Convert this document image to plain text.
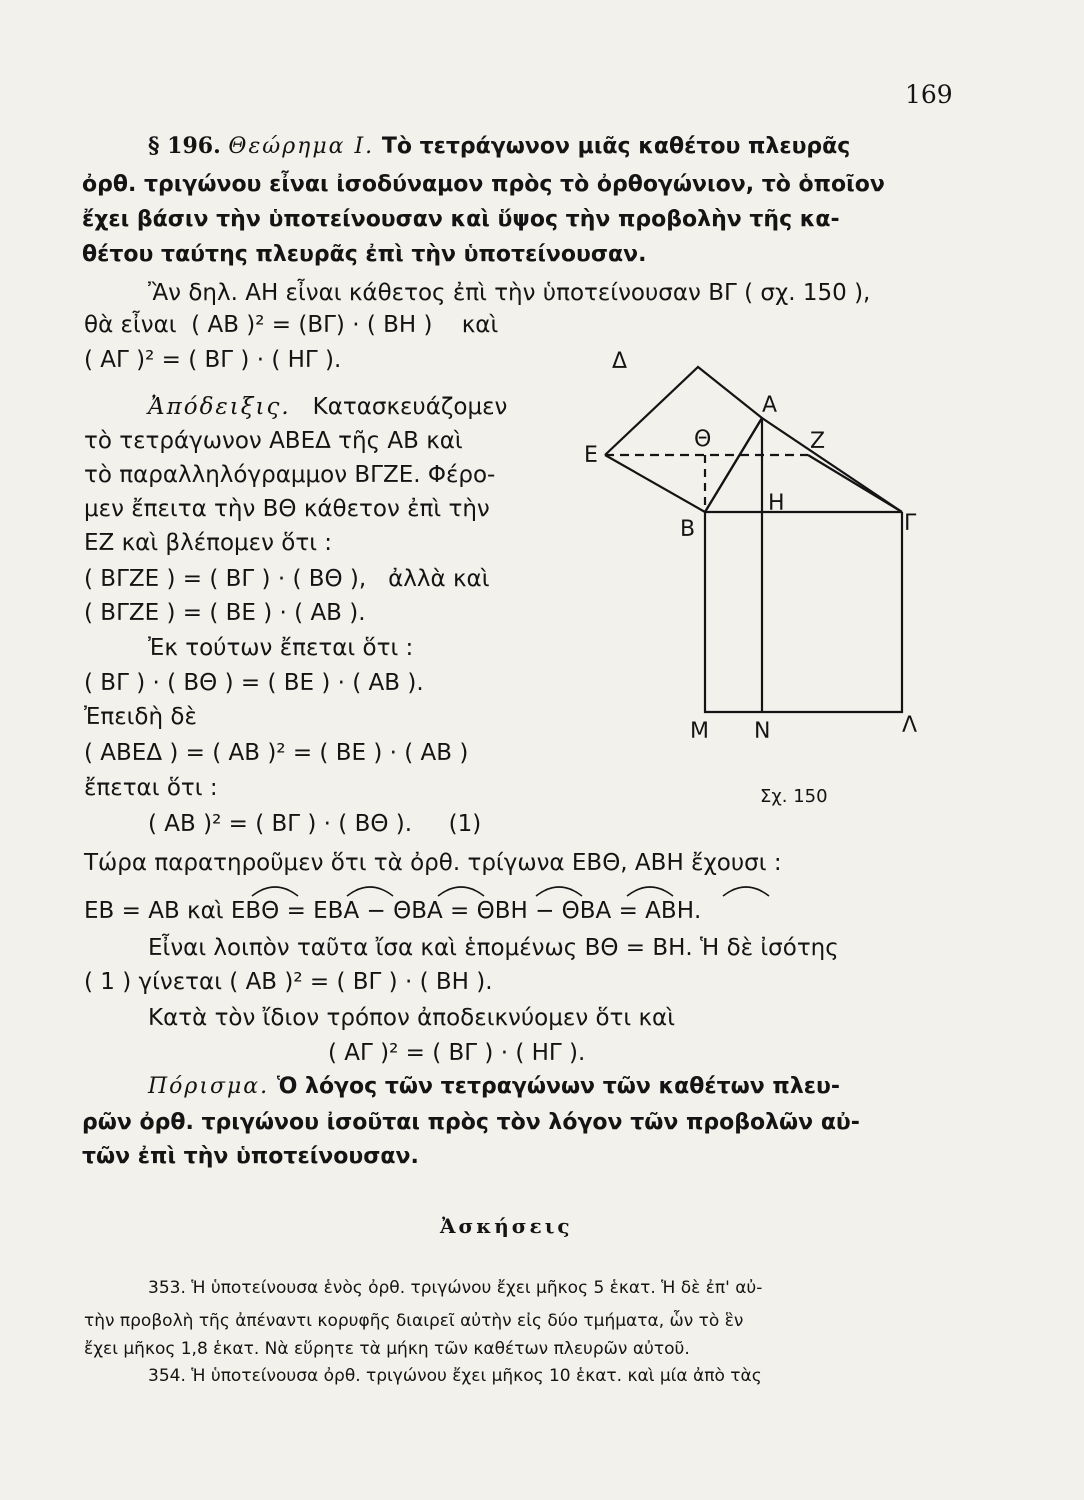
169
§ 196. Θεώρημα Ι. Τὸ τετράγωνον μιᾶς καθέτου πλευρᾶς
ὀρθ. τριγώνου εἶναι ἰσοδύναμον πρὸς τὸ ὀρθογώνιον, τὸ ὁποῖον
ἔχει βάσιν τὴν ὑποτείνουσαν καὶ ὕψος τὴν προβολὴν τῆς κα-
θέτου ταύτης πλευρᾶς ἐπὶ τὴν ὑποτείνουσαν.
Ἂν δηλ. ΑΗ εἶναι κάθετος ἐπὶ τὴν ὑποτείνουσαν ΒΓ ( σχ. 150 ),
θὰ εἶναι  ( ΑΒ )² = (ΒΓ) · ( ΒΗ )    καὶ
( ΑΓ )² = ( ΒΓ ) · ( ΗΓ ).
Ἀπόδειξις. Κατασκευάζομεν
τὸ τετράγωνον ΑΒΕΔ τῆς ΑΒ καὶ
τὸ παραλληλόγραμμον ΒΓΖΕ. Φέρο-
μεν ἔπειτα τὴν ΒΘ κάθετον ἐπὶ τὴν
ΕΖ καὶ βλέπομεν ὅτι :
( ΒΓΖΕ ) = ( ΒΓ ) · ( ΒΘ ),   ἀλλὰ καὶ
( ΒΓΖΕ ) = ( ΒΕ ) · ( ΑΒ ).
Ἐκ τούτων ἔπεται ὅτι :
( ΒΓ ) · ( ΒΘ ) = ( ΒΕ ) · ( ΑΒ ).
Ἐπειδὴ δὲ
( ΑΒΕΔ ) = ( ΑΒ )² = ( ΒΕ ) · ( ΑΒ )
ἔπεται ὅτι :
( ΑΒ )² = ( ΒΓ ) · ( ΒΘ ).     (1)
Τώρα παρατηροῦμεν ὅτι τὰ ὀρθ. τρίγωνα ΕΒΘ, ΑΒΗ ἔχουσι :
ΕΒ = ΑΒ καὶ ΕΒΘ = ΕΒΑ − ΘΒΑ = ΘΒΗ − ΘΒΑ = ΑΒΗ.
Εἶναι λοιπὸν ταῦτα ἴσα καὶ ἑπομένως ΒΘ = ΒΗ. Ἡ δὲ ἰσότης
( 1 ) γίνεται ( ΑΒ )² = ( ΒΓ ) · ( ΒΗ ).
Κατὰ τὸν ἴδιον τρόπον ἀποδεικνύομεν ὅτι καὶ
( ΑΓ )² = ( ΒΓ ) · ( ΗΓ ).
Πόρισμα. Ὁ λόγος τῶν τετραγώνων τῶν καθέτων πλευ-
ρῶν ὀρθ. τριγώνου ἰσοῦται πρὸς τὸν λόγον τῶν προβολῶν αὐ-
τῶν ἐπὶ τὴν ὑποτείνουσαν.
Ἀσκήσεις
353. Ἡ ὑποτείνουσα ἑνὸς ὀρθ. τριγώνου ἔχει μῆκος 5 ἑκατ. Ἡ δὲ ἐπ' αὐ-
τὴν προβολὴ τῆς ἀπέναντι κορυφῆς διαιρεῖ αὐτὴν εἰς δύο τμήματα, ὧν τὸ ἓν
ἔχει μῆκος 1,8 ἑκατ. Νὰ εὕρητε τὰ μήκη τῶν καθέτων πλευρῶν αὐτοῦ.
354. Ἡ ὑποτείνουσα ὀρθ. τριγώνου ἔχει μῆκος 10 ἑκατ. καὶ μία ἀπὸ τὰς
Δ
Α
Ε
Θ	Ζ
Η
Β	Γ
Μ Ν	Λ
Σχ. 150
